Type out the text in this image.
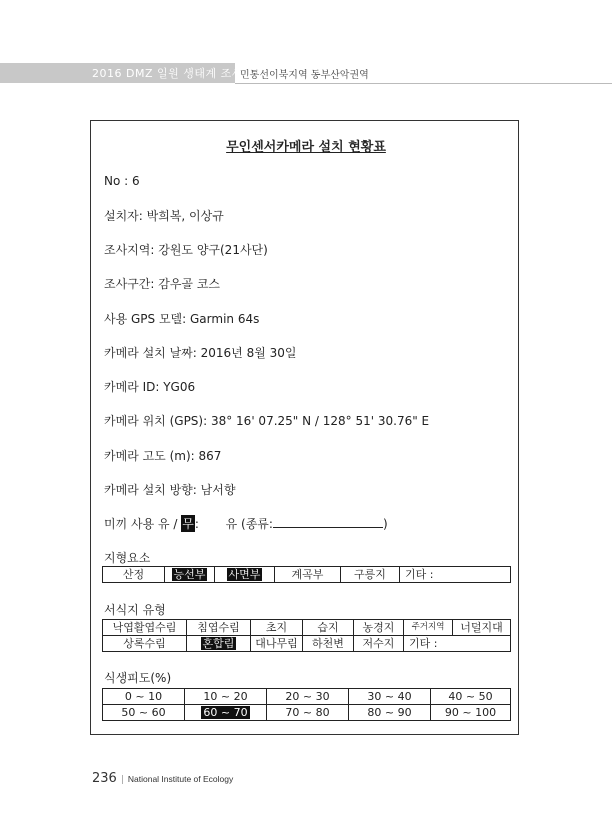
2016 DMZ 일원 생태계 조사
민통선이북지역 동부산악권역
무인센서카메라 설치 현황표
No : 6
설치자: 박희복, 이상규
조사지역: 강원도 양구(21사단)
조사구간: 감우골 코스
사용 GPS 모델: Garmin 64s
카메라 설치 날짜: 2016년 8월 30일
카메라 ID: YG06
카메라 위치 (GPS): 38° 16' 07.25" N / 128° 51' 30.76" E
카메라 고도 (m): 867
카메라 설치 방향: 남서향
미끼 사용 유 / 무: 유 (종류:	)
지형요소
산정	능선부	사면부	계곡부	구릉지	기타 :
서식지 유형
낙엽활엽수림	침엽수림	초지	습지	농경지	주거지역	너덜지대
상록수림	혼합림	대나무림	하천변	저수지	기타 :
식생피도(%)
0 ~ 10	10 ~ 20	20 ~ 30	30 ~ 40	40 ~ 50
50 ~ 60	60 ~ 70	70 ~ 80	80 ~ 90	90 ~ 100
236 | National Institute of Ecology
